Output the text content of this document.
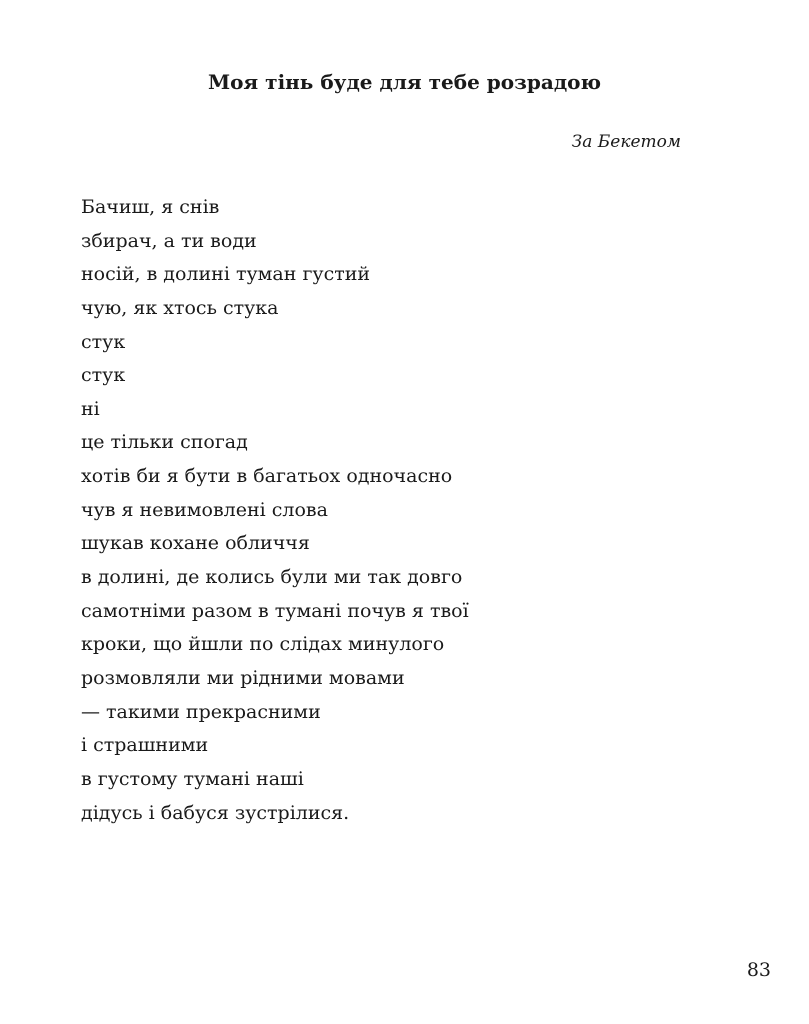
Моя тінь буде для тебе розрадою

За Бекетом

Бачиш, я снів
збирач, а ти води
носій, в долині туман густий
чую, як хтось стука
стук
стук
ні
це тільки спогад
хотів би я бути в багатьох одночасно
чув я невимовлені слова
шукав кохане обличчя
в долині, де колись були ми так довго
самотніми разом в тумані почув я твої
кроки, що йшли по слідах минулого
розмовляли ми рідними мовами
— такими прекрасними
і страшними
в густому тумані наші
дідусь і бабуся зустрілися.

83
